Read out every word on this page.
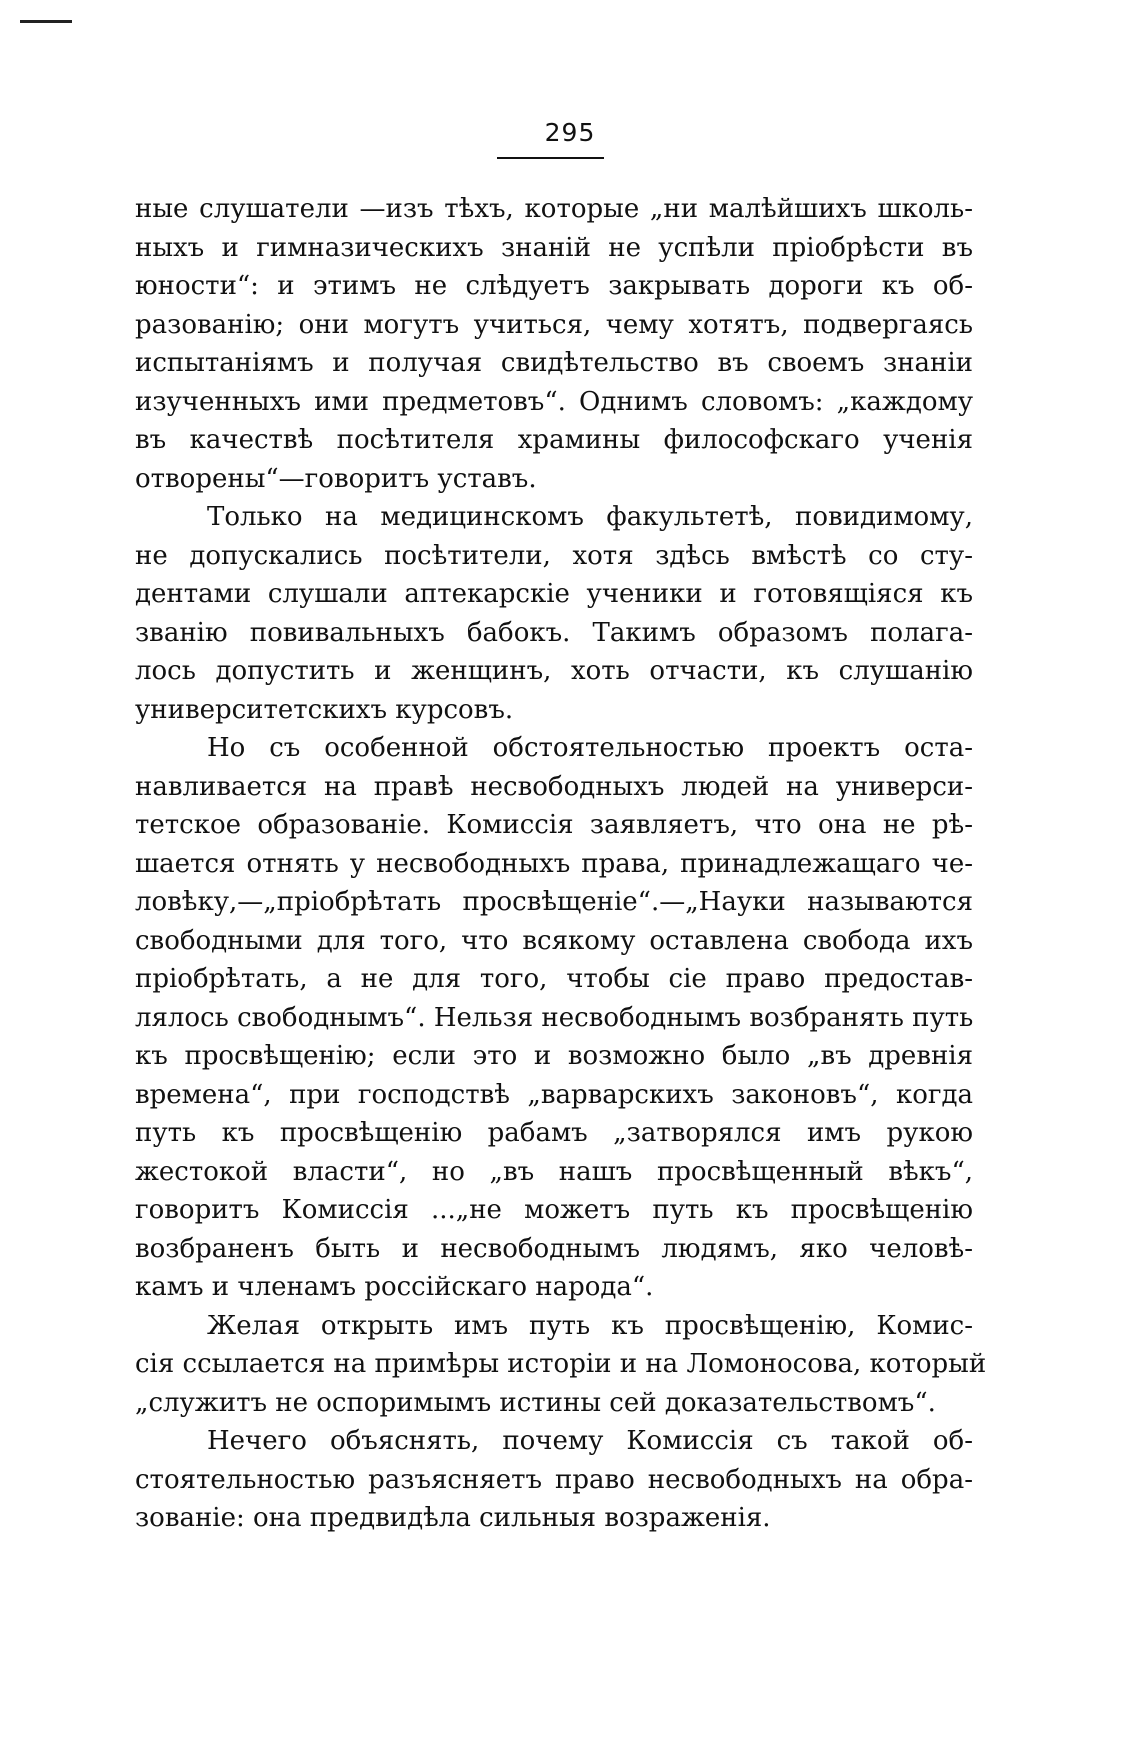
295
ные слушатели —изъ тѣхъ, которые „ни малѣйшихъ школь-
ныхъ и гимназическихъ знаній не успѣли пріобрѣсти въ
юности“: и этимъ не слѣдуетъ закрывать дороги къ об-
разованію; они могутъ учиться, чему хотятъ, подвергаясь
испытаніямъ и получая свидѣтельство въ своемъ знаніи
изученныхъ ими предметовъ“. Однимъ словомъ: „каждому
въ качествѣ посѣтителя храмины философскаго ученія
отворены“—говоритъ уставъ.
Только на медицинскомъ факультетѣ, повидимому,
не допускались посѣтители, хотя здѣсь вмѣстѣ со сту-
дентами слушали аптекарскіе ученики и готовящіяся къ
званію повивальныхъ бабокъ. Такимъ образомъ полага-
лось допустить и женщинъ, хоть отчасти, къ слушанію
университетскихъ курсовъ.
Но съ особенной обстоятельностью проектъ оста-
навливается на правѣ несвободныхъ людей на универси-
тетское образованіе. Комиссія заявляетъ, что она не рѣ-
шается отнять у несвободныхъ права, принадлежащаго че-
ловѣку,—„пріобрѣтать просвѣщеніе“.—„Науки называются
свободными для того, что всякому оставлена свобода ихъ
пріобрѣтать, а не для того, чтобы сіе право предостав-
лялось свободнымъ“. Нельзя несвободнымъ возбранять путь
къ просвѣщенію; если это и возможно было „въ древнія
времена“, при господствѣ „варварскихъ законовъ“, когда
путь къ просвѣщенію рабамъ „затворялся имъ рукою
жестокой власти“, но „въ нашъ просвѣщенный вѣкъ“,
говоритъ Комиссія ...„не можетъ путь къ просвѣщенію
возбраненъ быть и несвободнымъ людямъ, яко человѣ-
камъ и членамъ россійскаго народа“.
Желая открыть имъ путь къ просвѣщенію, Комис-
сія ссылается на примѣры исторіи и на Ломоносова, который
„служитъ не оспоримымъ истины сей доказательствомъ“.
Нечего объяснять, почему Комиссія съ такой об-
стоятельностью разъясняетъ право несвободныхъ на обра-
зованіе: она предвидѣла сильныя возраженія.
